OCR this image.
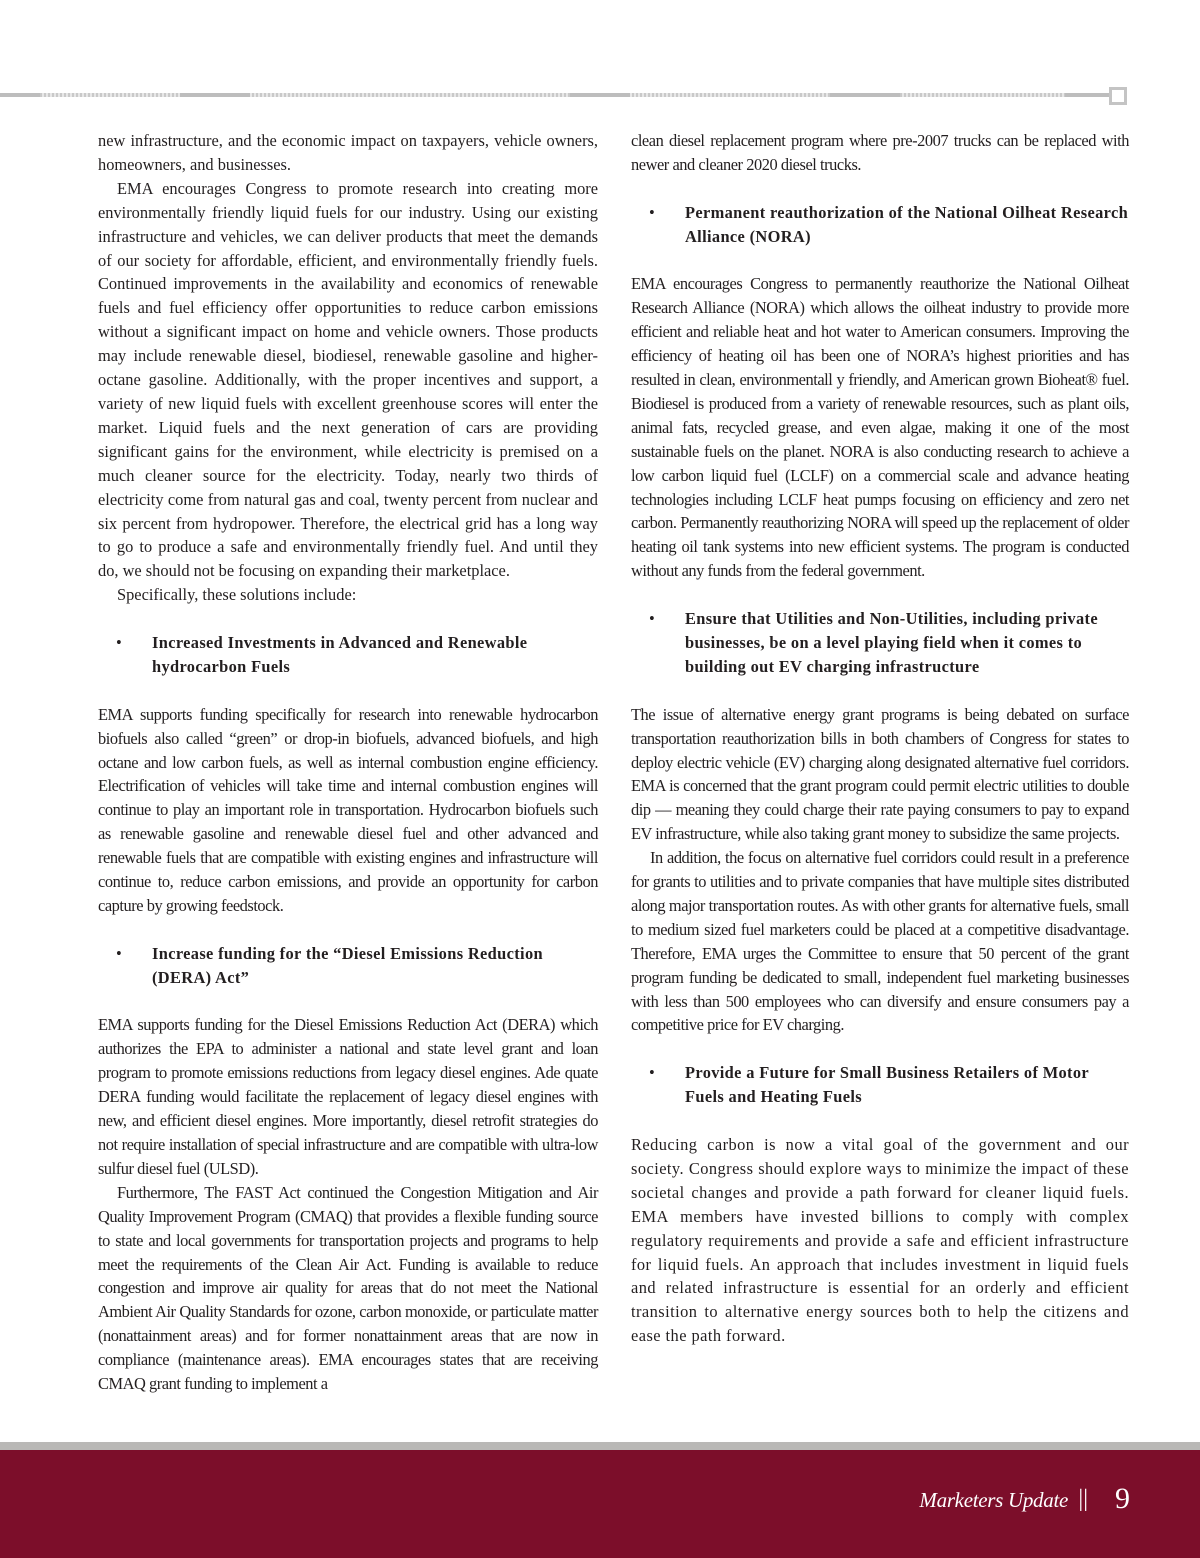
new infrastructure, and the economic impact on taxpayers, vehicle owners, homeowners, and businesses.

EMA encourages Congress to promote research into creating more environmentally friendly liquid fuels for our industry. Using our existing infrastructure and vehicles, we can deliver products that meet the demands of our society for affordable, efficient, and environmentally friendly fuels. Continued improvements in the availability and economics of renewable fuels and fuel efficiency offer opportunities to reduce carbon emissions without a significant impact on home and vehicle owners. Those products may include renewable diesel, biodiesel, renewable gasoline and higher-octane gasoline. Additionally, with the proper incentives and support, a variety of new liquid fuels with excellent greenhouse scores will enter the market. Liquid fuels and the next generation of cars are providing significant gains for the environment, while electricity is premised on a much cleaner source for the electricity. Today, nearly two thirds of electricity come from natural gas and coal, twenty percent from nuclear and six percent from hydropower. Therefore, the electrical grid has a long way to go to produce a safe and environmentally friendly fuel. And until they do, we should not be focusing on expanding their marketplace.

Specifically, these solutions include:

• Increased Investments in Advanced and Renewable hydrocarbon Fuels

EMA supports funding specifically for research into renewable hydrocarbon biofuels also called “green” or drop-in biofuels, advanced biofuels, and high octane and low carbon fuels, as well as internal combustion engine efficiency. Electrification of vehicles will take time and internal combustion engines will continue to play an important role in transportation. Hydrocarbon biofuels such as renewable gasoline and renewable diesel fuel and other advanced and renewable fuels that are compatible with existing engines and infrastructure will continue to, reduce carbon emissions, and provide an opportunity for carbon capture by growing feedstock.

• Increase funding for the “Diesel Emissions Reduction (DERA) Act”

EMA supports funding for the Diesel Emissions Reduction Act (DERA) which authorizes the EPA to administer a national and state level grant and loan program to promote emissions reductions from legacy diesel engines. Ade quate DERA funding would facilitate the replacement of legacy diesel engines with new, and efficient diesel engines. More importantly, diesel retrofit strategies do not require installation of special infrastructure and are compatible with ultra-low sulfur diesel fuel (ULSD).

Furthermore, The FAST Act continued the Congestion Mitigation and Air Quality Improvement Program (CMAQ) that provides a flexible funding source to state and local governments for transportation projects and programs to help meet the requirements of the Clean Air Act. Funding is available to reduce congestion and improve air quality for areas that do not meet the National Ambient Air Quality Standards for ozone, carbon monoxide, or particulate matter (nonattainment areas) and for former nonattainment areas that are now in compliance (maintenance areas). EMA encourages states that are receiving CMAQ grant funding to implement a

clean diesel replacement program where pre-2007 trucks can be replaced with newer and cleaner 2020 diesel trucks.

• Permanent reauthorization of the National Oilheat Research Alliance (NORA)

EMA encourages Congress to permanently reauthorize the National Oilheat Research Alliance (NORA) which allows the oilheat industry to provide more efficient and reliable heat and hot water to American consumers. Improving the efficiency of heating oil has been one of NORA’s highest priorities and has resulted in clean, environmentall y friendly, and American grown Bioheat® fuel. Biodiesel is produced from a variety of renewable resources, such as plant oils, animal fats, recycled grease, and even algae, making it one of the most sustainable fuels on the planet. NORA is also conducting research to achieve a low carbon liquid fuel (LCLF) on a commercial scale and advance heating technologies including LCLF heat pumps focusing on efficiency and zero net carbon. Permanently reauthorizing NORA will speed up the replacement of older heating oil tank systems into new efficient systems. The program is conducted without any funds from the federal government.

• Ensure that Utilities and Non-Utilities, including private businesses, be on a level playing field when it comes to building out EV charging infrastructure

The issue of alternative energy grant programs is being debated on surface transportation reauthorization bills in both chambers of Congress for states to deploy electric vehicle (EV) charging along designated alternative fuel corridors. EMA is concerned that the grant program could permit electric utilities to double dip — meaning they could charge their rate paying consumers to pay to expand EV infrastructure, while also taking grant money to subsidize the same projects.

In addition, the focus on alternative fuel corridors could result in a preference for grants to utilities and to private companies that have multiple sites distributed along major transportation routes. As with other grants for alternative fuels, small to medium sized fuel marketers could be placed at a competitive disadvantage. Therefore, EMA urges the Committee to ensure that 50 percent of the grant program funding be dedicated to small, independent fuel marketing businesses with less than 500 employees who can diversify and ensure consumers pay a competitive price for EV charging.

• Provide a Future for Small Business Retailers of Motor Fuels and Heating Fuels

Reducing carbon is now a vital goal of the government and our society. Congress should explore ways to minimize the impact of these societal changes and provide a path forward for cleaner liquid fuels. EMA members have invested billions to comply with complex regulatory requirements and provide a safe and efficient infrastructure for liquid fuels. An approach that includes investment in liquid fuels and related infrastructure is essential for an orderly and efficient transition to alternative energy sources both to help the citizens and ease the path forward.

Marketers Update || 9
